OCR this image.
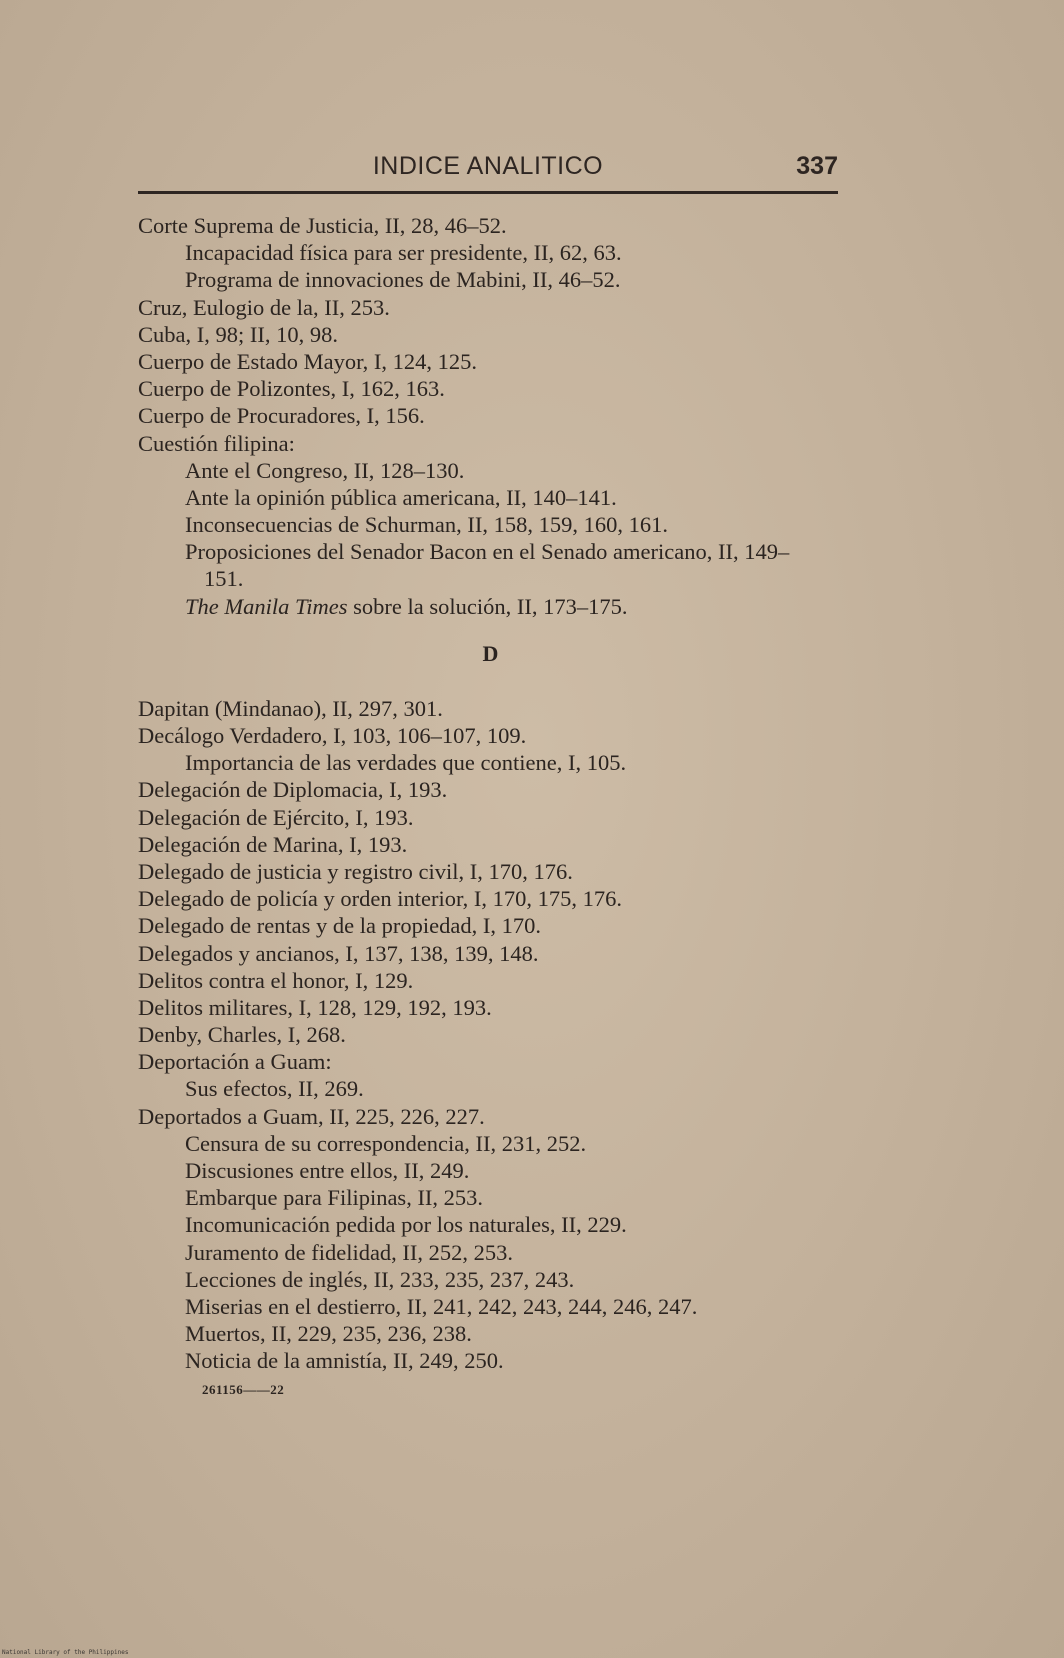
INDICE ANALITICO	337
Corte Suprema de Justicia, II, 28, 46–52.
Incapacidad física para ser presidente, II, 62, 63.
Programa de innovaciones de Mabini, II, 46–52.
Cruz, Eulogio de la, II, 253.
Cuba, I, 98; II, 10, 98.
Cuerpo de Estado Mayor, I, 124, 125.
Cuerpo de Polizontes, I, 162, 163.
Cuerpo de Procuradores, I, 156.
Cuestión filipina:
Ante el Congreso, II, 128–130.
Ante la opinión pública americana, II, 140–141.
Inconsecuencias de Schurman, II, 158, 159, 160, 161.
Proposiciones del Senador Bacon en el Senado americano, II, 149–
151.
The Manila Times sobre la solución, II, 173–175.
D
Dapitan (Mindanao), II, 297, 301.
Decálogo Verdadero, I, 103, 106–107, 109.
Importancia de las verdades que contiene, I, 105.
Delegación de Diplomacia, I, 193.
Delegación de Ejército, I, 193.
Delegación de Marina, I, 193.
Delegado de justicia y registro civil, I, 170, 176.
Delegado de policía y orden interior, I, 170, 175, 176.
Delegado de rentas y de la propiedad, I, 170.
Delegados y ancianos, I, 137, 138, 139, 148.
Delitos contra el honor, I, 129.
Delitos militares, I, 128, 129, 192, 193.
Denby, Charles, I, 268.
Deportación a Guam:
Sus efectos, II, 269.
Deportados a Guam, II, 225, 226, 227.
Censura de su correspondencia, II, 231, 252.
Discusiones entre ellos, II, 249.
Embarque para Filipinas, II, 253.
Incomunicación pedida por los naturales, II, 229.
Juramento de fidelidad, II, 252, 253.
Lecciones de inglés, II, 233, 235, 237, 243.
Miserias en el destierro, II, 241, 242, 243, 244, 246, 247.
Muertos, II, 229, 235, 236, 238.
Noticia de la amnistía, II, 249, 250.
261156——22
National Library of the Philippines
